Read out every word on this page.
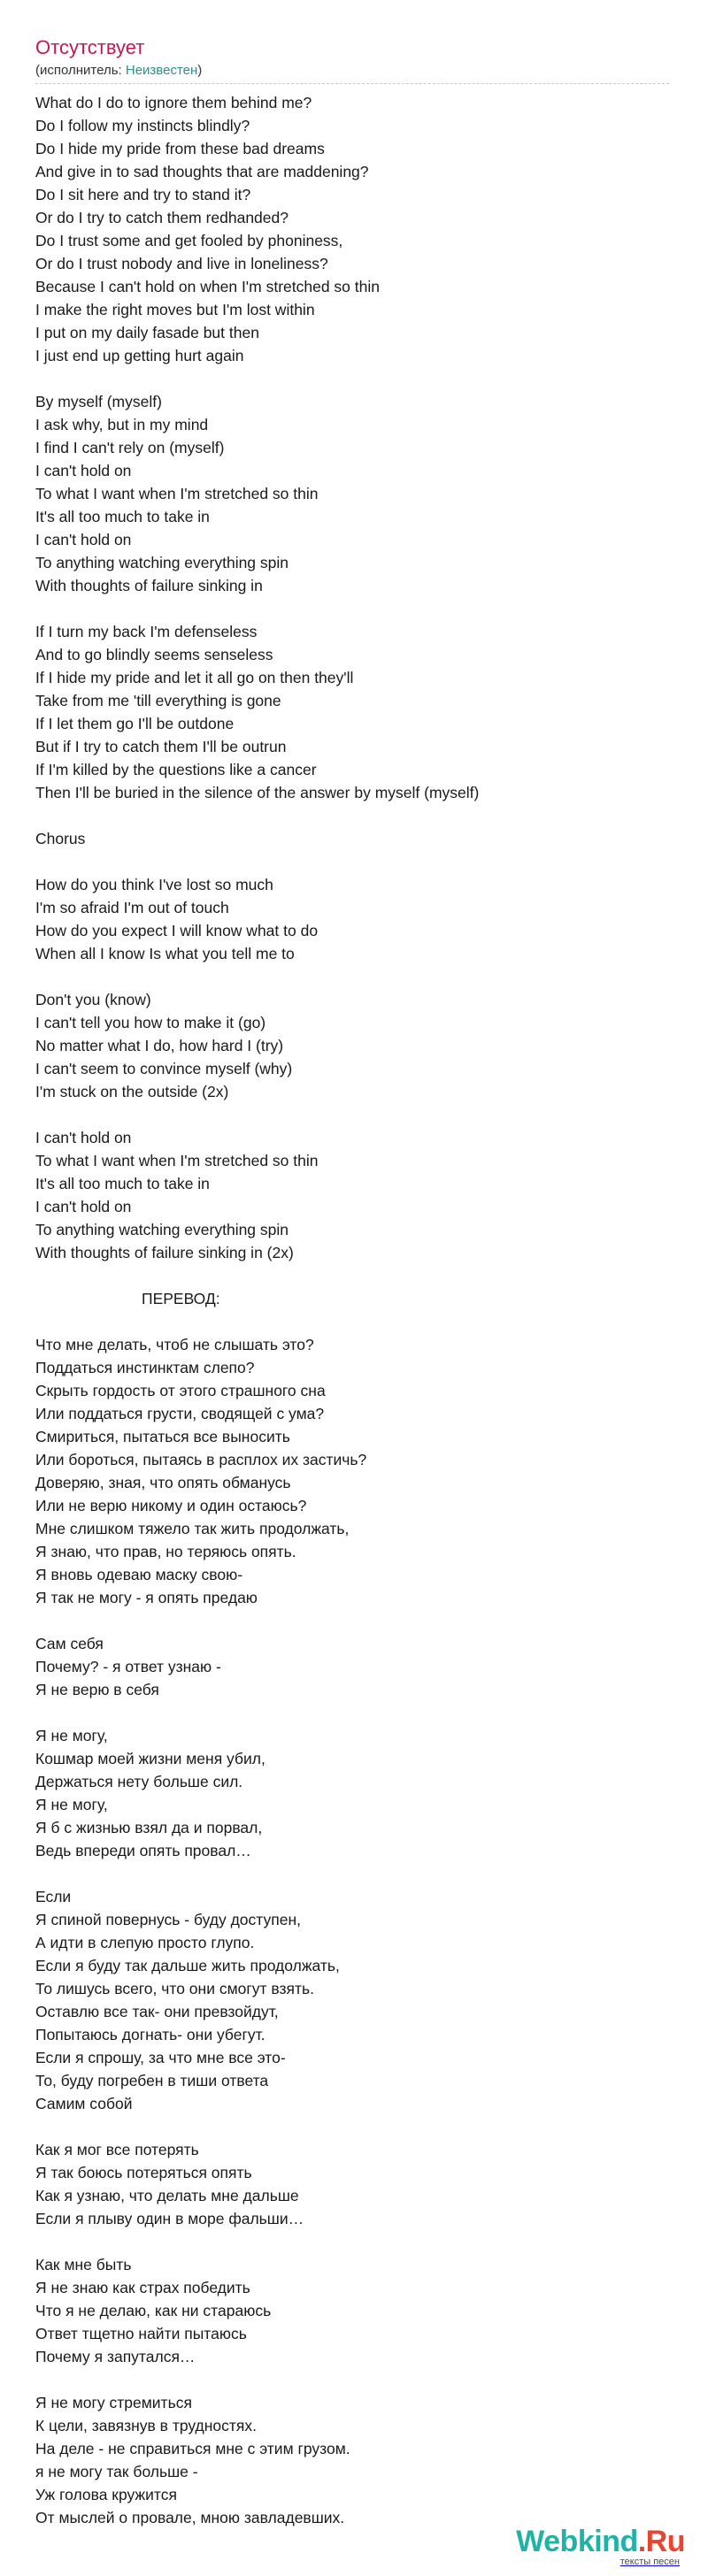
Отсутствует
(исполнитель: Неизвестен)
What do I do to ignore them behind me?
Do I follow my instincts blindly?
Do I hide my pride from these bad dreams
And give in to sad thoughts that are maddening?
Do I sit here and try to stand it?
Or do I try to catch them redhanded?
Do I trust some and get fooled by phoniness,
Or do I trust nobody and live in loneliness?
Because I can't hold on when I'm stretched so thin
I make the right moves but I'm lost within
I put on my daily fasade but then
I just end up getting hurt again
By myself (myself)
I ask why, but in my mind
I find I can't rely on (myself)
I can't hold on
To what I want when I'm stretched so thin
It's all too much to take in
I can't hold on
To anything watching everything spin
With thoughts of failure sinking in
If I turn my back I'm defenseless
And to go blindly seems senseless
If I hide my pride and let it all go on then they'll
Take from me 'till everything is gone
If I let them go I'll be outdone
But if I try to catch them I'll be outrun
If I'm killed by the questions like a cancer
Then I'll be buried in the silence of the answer by myself (myself)
Chorus
How do you think I've lost so much
I'm so afraid I'm out of touch
How do you expect I will know what to do
When all I know Is what you tell me to
Don't you (know)
I can't tell you how to make it (go)
No matter what I do, how hard I (try)
I can't seem to convince myself (why)
I'm stuck on the outside (2x)
I can't hold on
To what I want when I'm stretched so thin
It's all too much to take in
I can't hold on
To anything watching everything spin
With thoughts of failure sinking in (2x)
ПЕРЕВОД:
Что мне делать, чтоб не слышать это?
Поддаться инстинктам слепо?
Скрыть гордость от этого страшного сна
Или поддаться грусти, сводящей с ума?
Смириться, пытаться все выносить
Или бороться, пытаясь в расплох их застичь?
Доверяю, зная, что опять обманусь
Или не верю никому и один остаюсь?
Мне слишком тяжело так жить продолжать,
Я знаю, что прав, но теряюсь опять.
Я вновь одеваю маску свою-
Я так не могу - я опять предаю
Сам себя
Почему? - я ответ узнаю -
Я не верю в себя
Я не могу,
Кошмар моей жизни меня убил,
Держаться нету больше сил.
Я не могу,
Я б с жизнью взял да и порвал,
Ведь впереди опять провал…
Если
Я спиной повернусь - буду доступен,
А идти в слепую просто глупо.
Если я буду так дальше жить продолжать,
То лишусь всего, что они смогут взять.
Оставлю все так- они превзойдут,
Попытаюсь догнать- они убегут.
Если я спрошу, за что мне все это-
То, буду погребен в тиши ответа
Самим собой
Как я мог все потерять
Я так боюсь потеряться опять
Как я узнаю, что делать мне дальше
Если я плыву один в море фальши…
Как мне быть
Я не знаю как страх победить
Что я не делаю, как ни стараюсь
Ответ тщетно найти пытаюсь
Почему я запутался…
Я не могу стремиться
К цели, завязнув в трудностях.
На деле - не справиться мне с этим грузом.
я не могу так больше -
Уж голова кружится
От мыслей о провале, мною завладевших.
Webkind.Ru
тексты песен
